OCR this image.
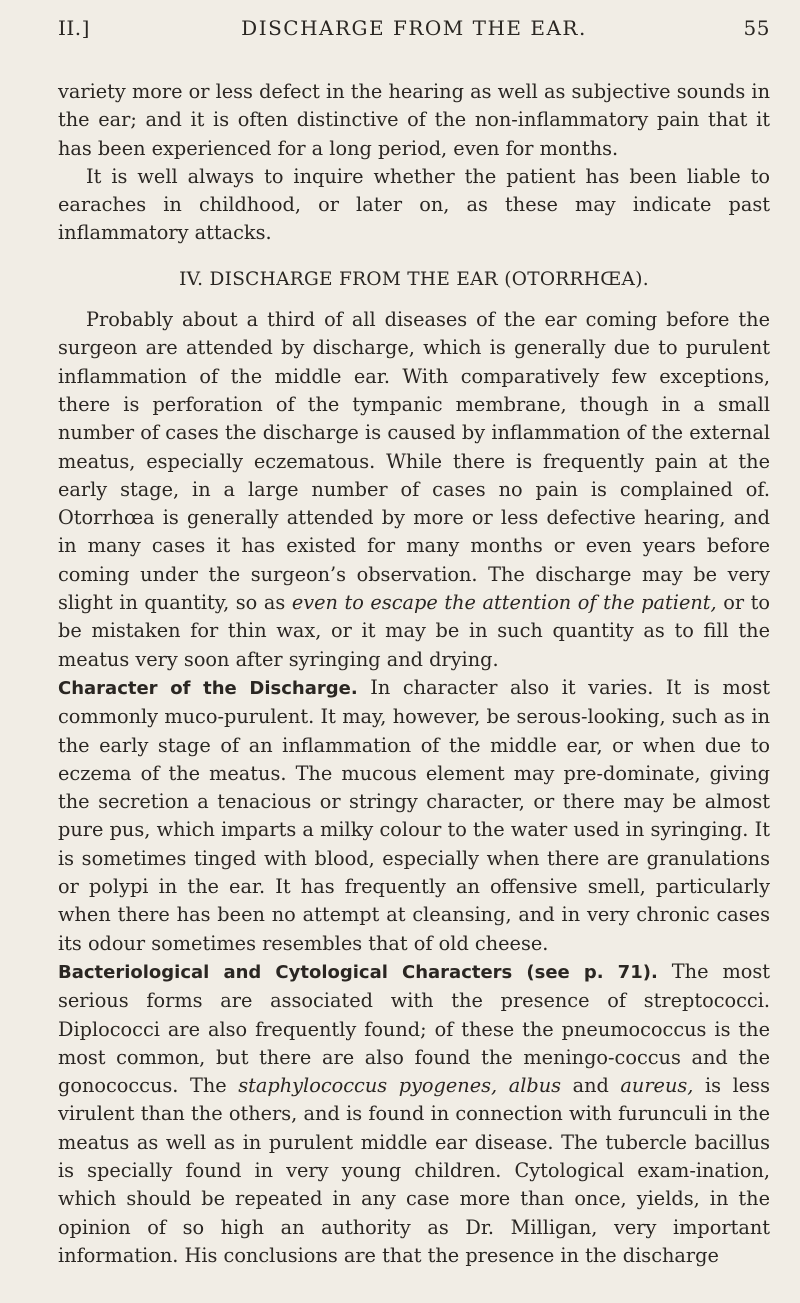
II.]	DISCHARGE FROM THE EAR.	55

variety more or less defect in the hearing as well as subjective sounds in the ear; and it is often distinctive of the non-inflammatory pain that it has been experienced for a long period, even for months.

It is well always to inquire whether the patient has been liable to earaches in childhood, or later on, as these may indicate past inflammatory attacks.

IV. DISCHARGE FROM THE EAR (OTORRHŒA).

Probably about a third of all diseases of the ear coming before the surgeon are attended by discharge, which is generally due to purulent inflammation of the middle ear. With comparatively few exceptions, there is perforation of the tympanic membrane, though in a small number of cases the discharge is caused by inflammation of the external meatus, especially eczematous. While there is frequently pain at the early stage, in a large number of cases no pain is complained of. Otorrhœa is generally attended by more or less defective hearing, and in many cases it has existed for many months or even years before coming under the surgeon’s observation. The discharge may be very slight in quantity, so as even to escape the attention of the patient, or to be mistaken for thin wax, or it may be in such quantity as to fill the meatus very soon after syringing and drying.

Character of the Discharge. In character also it varies. It is most commonly muco-purulent. It may, however, be serous-looking, such as in the early stage of an inflammation of the middle ear, or when due to eczema of the meatus. The mucous element may pre-dominate, giving the secretion a tenacious or stringy character, or there may be almost pure pus, which imparts a milky colour to the water used in syringing. It is sometimes tinged with blood, especially when there are granulations or polypi in the ear. It has frequently an offensive smell, particularly when there has been no attempt at cleansing, and in very chronic cases its odour sometimes resembles that of old cheese.

Bacteriological and Cytological Characters (see p. 71). The most serious forms are associated with the presence of streptococci. Diplococci are also frequently found; of these the pneumococcus is the most common, but there are also found the meningo-coccus and the gonococcus. The staphylococcus pyogenes, albus and aureus, is less virulent than the others, and is found in connection with furunculi in the meatus as well as in purulent middle ear disease. The tubercle bacillus is specially found in very young children. Cytological exam-ination, which should be repeated in any case more than once, yields, in the opinion of so high an authority as Dr. Milligan, very important information. His conclusions are that the presence in the discharge
